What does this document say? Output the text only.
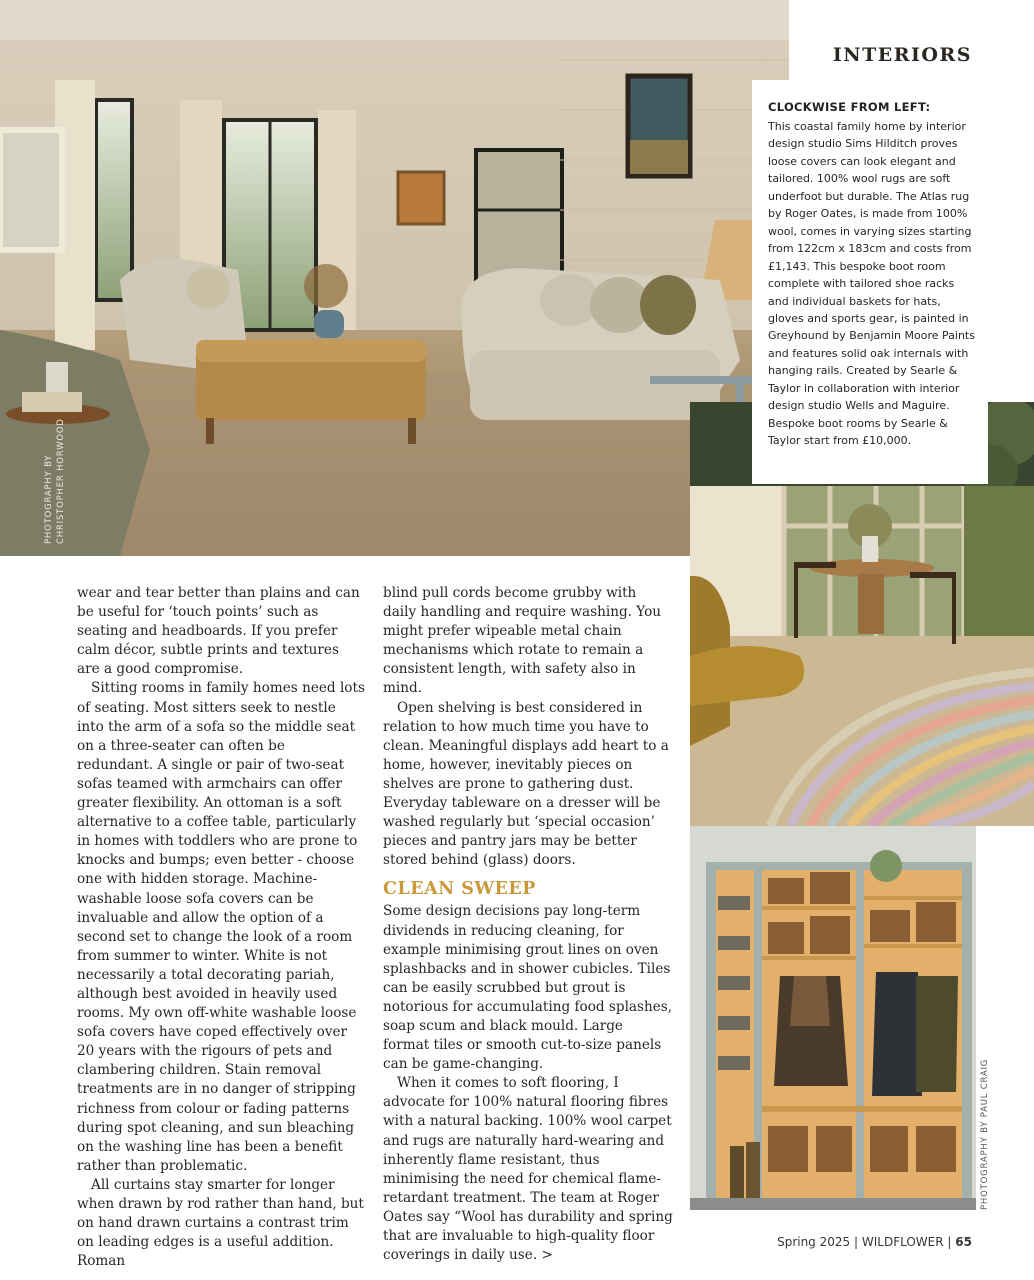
INTERIORS
CLOCKWISE FROM LEFT:
This coastal family home by interior design studio Sims Hilditch proves loose covers can look elegant and tailored. 100% wool rugs are soft underfoot but durable. The Atlas rug by Roger Oates, is made from 100% wool, comes in varying sizes starting from 122cm x 183cm and costs from £1,143. This bespoke boot room complete with tailored shoe racks and individual baskets for hats, gloves and sports gear, is painted in Greyhound by Benjamin Moore Paints and features solid oak internals with hanging rails. Created by Searle & Taylor in collaboration with interior design studio Wells and Maguire. Bespoke boot rooms by Searle & Taylor start from £10,000.
PHOTOGRAPHY BY CHRISTOPHER HORWOOD
PHOTOGRAPHY BY PAUL CRAIG

wear and tear better than plains and can be useful for ‘touch points’ such as seating and headboards. If you prefer calm décor, subtle prints and textures are a good compromise.

Sitting rooms in family homes need lots of seating. Most sitters seek to nestle into the arm of a sofa so the middle seat on a three-seater can often be redundant. A single or pair of two-seat sofas teamed with armchairs can offer greater flexibility. An ottoman is a soft alternative to a coffee table, particularly in homes with toddlers who are prone to knocks and bumps; even better - choose one with hidden storage. Machine-washable loose sofa covers can be invaluable and allow the option of a second set to change the look of a room from summer to winter. White is not necessarily a total decorating pariah, although best avoided in heavily used rooms. My own off-white washable loose sofa covers have coped effectively over 20 years with the rigours of pets and clambering children. Stain removal treatments are in no danger of stripping richness from colour or fading patterns during spot cleaning, and sun bleaching on the washing line has been a benefit rather than problematic.

All curtains stay smarter for longer when drawn by rod rather than hand, but on hand drawn curtains a contrast trim on leading edges is a useful addition. Roman

blind pull cords become grubby with daily handling and require washing. You might prefer wipeable metal chain mechanisms which rotate to remain a consistent length, with safety also in mind.

Open shelving is best considered in relation to how much time you have to clean. Meaningful displays add heart to a home, however, inevitably pieces on shelves are prone to gathering dust. Everyday tableware on a dresser will be washed regularly but ‘special occasion’ pieces and pantry jars may be better stored behind (glass) doors.

CLEAN SWEEP

Some design decisions pay long-term dividends in reducing cleaning, for example minimising grout lines on oven splashbacks and in shower cubicles. Tiles can be easily scrubbed but grout is notorious for accumulating food splashes, soap scum and black mould. Large format tiles or smooth cut-to-size panels can be game-changing.

When it comes to soft flooring, I advocate for 100% natural flooring fibres with a natural backing. 100% wool carpet and rugs are naturally hard-wearing and inherently flame resistant, thus minimising the need for chemical flame-retardant treatment. The team at Roger Oates say “Wool has durability and spring that are invaluable to high-quality floor coverings in daily use. >

Spring 2025 | WILDFLOWER | 65
